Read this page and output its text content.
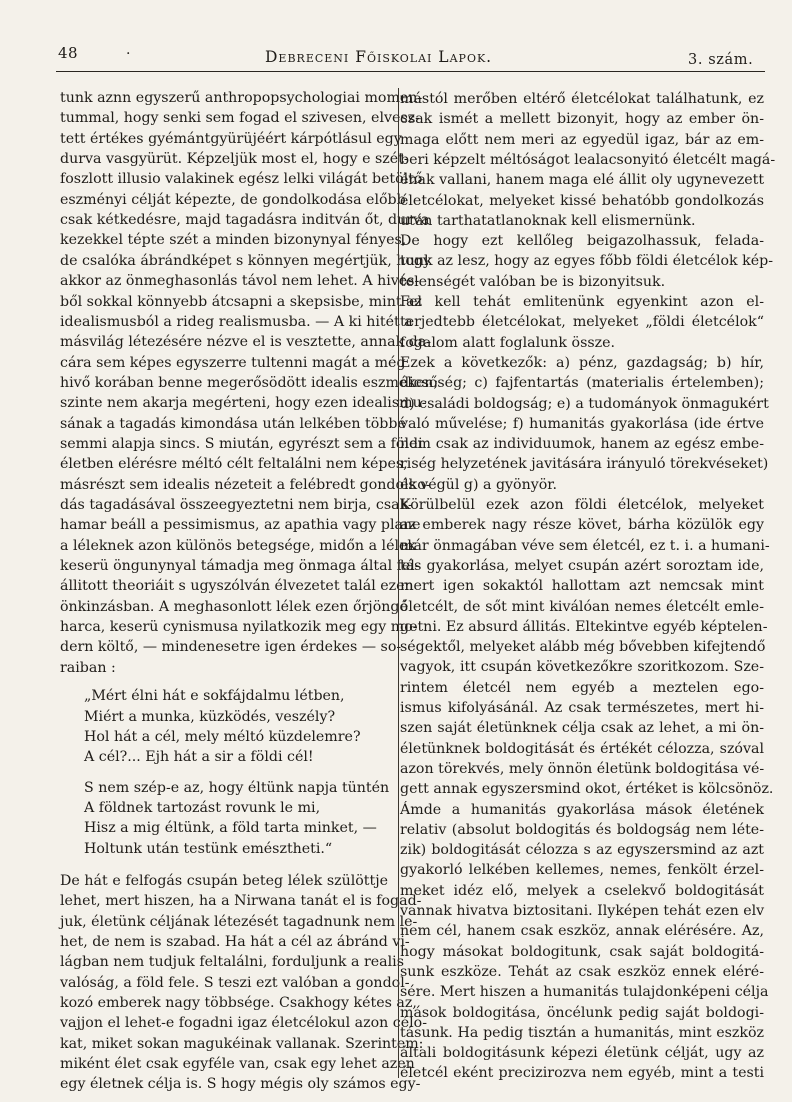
48	.	Debreceni Főiskolai Lapok.	3. szám.
tunk aznn egyszerű anthropopsychologiai momen-
tummal, hogy senki sem fogad el szivesen, elvesz-
tett értékes gyémántgyürüjéért kárpótlásul egy
durva vasgyürüt. Képzeljük most el, hogy e szét-
foszlott illusio valakinek egész lelki világát betöltő
eszményi célját képezte, de gondolkodása előbb
csak kétkedésre, majd tagadásra inditván őt, durva
kezekkel tépte szét a minden bizonynyal fényes,
de csalóka ábrándképet s könnyen megértjük, hogy
akkor az önmeghasonlás távol nem lehet. A hivés-
ből sokkal könnyebb átcsapni a skepsisbe, mint az
idealismusból a rideg realismusba. — A ki hitét a
másvilág létezésére nézve el is vesztette, annak da-
cára sem képes egyszerre tultenni magát a még
hivő korában benne megerősödött idealis eszméken;
szinte nem akarja megérteni, hogy ezen idealismu-
sának a tagadás kimondása után lelkében többé
semmi alapja sincs. S miután, egyrészt sem a földi
életben elérésre méltó célt feltalálni nem képes,
másrészt sem idealis nézeteit a felébredt gondolko-
dás tagadásával összeegyeztetni nem birja, csak-
hamar beáll a pessimismus, az apathia vagy plane
a léleknek azon különös betegsége, midőn a lélek
keserü öngunynyal támadja meg önmaga által fel-
állitott theoriáit s ugyszólván élvezetet talál ezen
önkinzásban. A meghasonlott lélek ezen őrjöngő
harca, keserü cynismusa nyilatkozik meg egy mo-
dern költő, — mindenesetre igen érdekes — so-
raiban :
„Mért élni hát e sokfájdalmu létben,
Miért a munka, küzködés, veszély?
Hol hát a cél, mely méltó küzdelemre?
A cél?... Ejh hát a sir a földi cél!
S nem szép-e az, hogy éltünk napja tüntén
A földnek tartozást rovunk le mi,
Hisz a mig éltünk, a föld tarta minket, —
Holtunk után testünk emésztheti.“
De hát e felfogás csupán beteg lélek szülöttje
lehet, mert hiszen, ha a Nirwana tanát el is fogad-
juk, életünk céljának létezését tagadnunk nem le-
het, de nem is szabad. Ha hát a cél az ábránd vi-
lágban nem tudjuk feltalálni, forduljunk a realis
valóság, a föld fele. S teszi ezt valóban a gondol-
kozó emberek nagy többsége. Csakhogy kétes az,
vajjon el lehet-e fogadni igaz életcélokul azon célo-
kat, miket sokan magukéinak vallanak. Szerintem:
miként élet csak egyféle van, csak egy lehet azen
egy életnek célja is. S hogy mégis oly számos egy-
mástól merőben eltérő életcélokat találhatunk, ez
csak ismét a mellett bizonyit, hogy az ember ön-
maga előtt nem meri az egyedül igaz, bár az em-
beri képzelt méltóságot lealacsonyitó életcélt magá-
énak vallani, hanem maga elé állit oly ugynevezett
életcélokat, melyeket kissé behatóbb gondolkozás
után tarthatatlanoknak kell elismernünk.
De hogy ezt kellőleg beigazolhassuk, felada-
tunk az lesz, hogy az egyes főbb földi életcélok kép-
telenségét valóban be is bizonyitsuk.
Fel kell tehát emlitenünk egyenkint azon el-
terjedtebb életcélokat, melyeket „földi életcélok“
fogalom alatt foglalunk össze.
Ezek a következők: a) pénz, gazdagság; b) hír,
dicsőség; c) fajfentartás (materialis értelemben);
d) családi boldogság; e) a tudományok önmagukért
való művelése; f) humanitás gyakorlása (ide értve
nem csak az individuumok, hanem az egész embe-
riség helyzetének javitására irányuló törekvéseket)
és végül g) a gyönyör.
Körülbelül ezek azon földi életcélok, melyeket
az emberek nagy része követ, bárha közülök egy
már önmagában véve sem életcél, ez t. i. a humani-
tás gyakorlása, melyet csupán azért soroztam ide,
mert igen sokaktól hallottam azt nemcsak mint
életcélt, de sőt mint kiválóan nemes életcélt emle-
getni. Ez absurd állitás. Eltekintve egyéb képtelen-
ségektől, melyeket alább még bővebben kifejtendő
vagyok, itt csupán következőkre szoritkozom. Sze-
rintem életcél nem egyéb a meztelen ego-
ismus kifolyásánál. Az csak természetes, mert hi-
szen saját életünknek célja csak az lehet, a mi ön-
életünknek boldogitását és értékét célozza, szóval
azon törekvés, mely önnön életünk boldogitása vé-
gett annak egyszersmind okot, értéket is kölcsönöz.
Ámde a humanitás gyakorlása mások életének
relativ (absolut boldogitás és boldogság nem léte-
zik) boldogitását célozza s az egyszersmind az azt
gyakorló lelkében kellemes, nemes, fenkölt érzel-
meket idéz elő, melyek a cselekvő boldogitását
vannak hivatva biztositani. Ilyképen tehát ezen elv
nem cél, hanem csak eszköz, annak elérésére. Az,
hogy másokat boldogitunk, csak saját boldogitá-
sunk eszköze. Tehát az csak eszköz ennek eléré-
sére. Mert hiszen a humanitás tulajdonképeni célja
mások boldogitása, öncélunk pedig saját boldogi-
tásunk. Ha pedig tisztán a humanitás, mint eszköz
általi boldogitásunk képezi életünk célját, ugy az
életcél eként precizirozva nem egyéb, mint a testi
